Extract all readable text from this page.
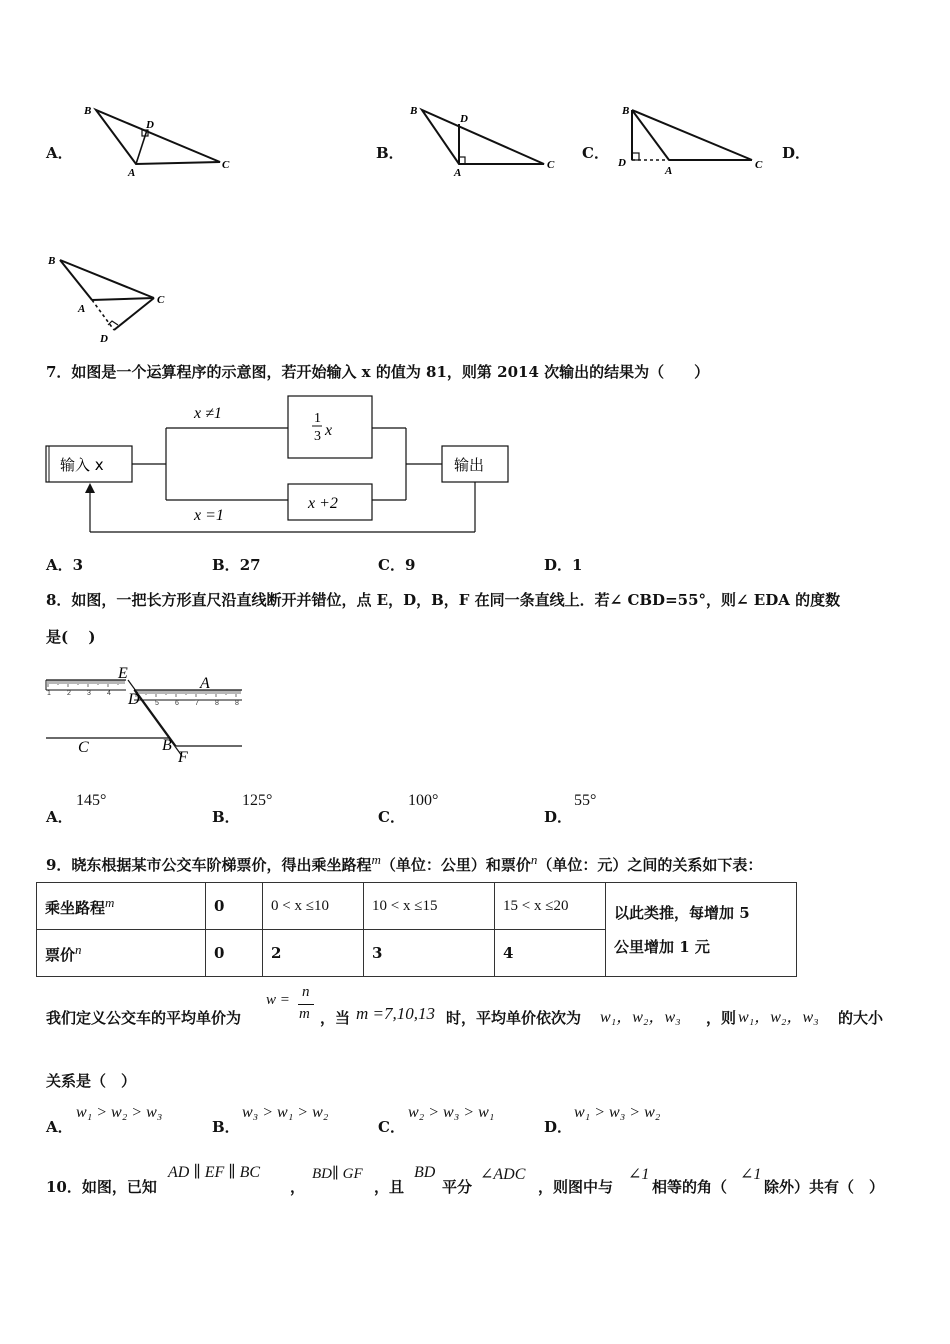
A．	B．	C．	D．
B
D
A
C
B
D
A
C
B
D
A	C
B
A
D
C
7．如图是一个运算程序的示意图，若开始输入 x 的值为 81，则第 2014 次输出的结果为（　　）
输入 x
x ≠1
x =1
1
3 x
x +2
输出
A．3	B．27	C．9	D．1
8．如图，一把长方形直尺沿直线断开并错位，点 E，D，B，F 在同一条直线上．若∠ CBD=55°，则∠ EDA 的度数
是(　 )
1 2 3 4
5 6 7 8 8
E
A
D
C	B
F
A．
145°
B．
125°
C．
100°
D．
55°
9．晓东根据某市公交车阶梯票价，得出乘坐路程$^m$（单位：公里）和票价$^n$（单位：元）之间的关系如下表：
乘坐路程$^m$	0	0 < x ≤10	10 < x ≤15	15 < x ≤20	以此类推，每增加 5
公里增加 1 元

票价$^n$	0	2	3	4	
我们定义公交车的平均单价为
w = n
m ，当 m =7,10,13 时，平均单价依次为 w₁，w₂，w₃ ，则 w₁，w₂，w₃ 的大小
关系是（　）
A．
w₁ > w₂ > w₃
B．
w₃ > w₁ > w₂
C．
w₂ > w₃ > w₁
D．
w₁ > w₃ > w₂
10．如图，已知
AD ∥ EF ∥ BC
，
BD∥ GF
，且
BD
平分
∠ADC
，则图中与
∠1
相等的角（
∠1
除外）共有（　）
